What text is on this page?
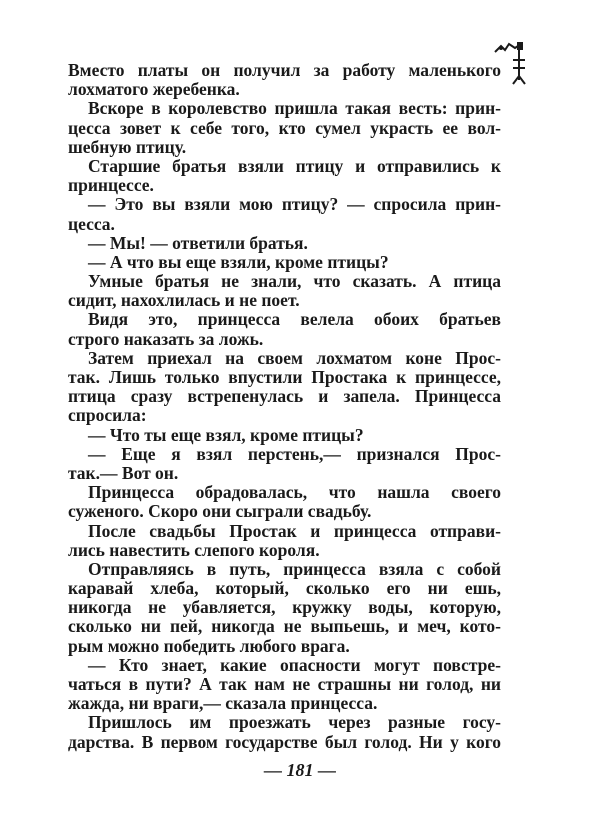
Вместо платы он получил за работу маленького
лохматого жеребенка.
Вскоре в королевство пришла такая весть: прин-
цесса зовет к себе того, кто сумел украсть ее вол-
шебную птицу.
Старшие братья взяли птицу и отправились к
принцессе.
— Это вы взяли мою птицу? — спросила прин-
цесса.
— Мы! — ответили братья.
— А что вы еще взяли, кроме птицы?
Умные братья не знали, что сказать. А птица
сидит, нахохлилась и не поет.
Видя это, принцесса велела обоих братьев
строго наказать за ложь.
Затем приехал на своем лохматом коне Прос-
так. Лишь только впустили Простака к принцессе,
птица сразу встрепенулась и запела. Принцесса
спросила:
— Что ты еще взял, кроме птицы?
— Еще я взял перстень,— признался Прос-
так.— Вот он.
Принцесса обрадовалась, что нашла своего
суженого. Скоро они сыграли свадьбу.
После свадьбы Простак и принцесса отправи-
лись навестить слепого короля.
Отправляясь в путь, принцесса взяла с собой
каравай хлеба, который, сколько его ни ешь,
никогда не убавляется, кружку воды, которую,
сколько ни пей, никогда не выпьешь, и меч, кото-
рым можно победить любого врага.
— Кто знает, какие опасности могут повстре-
чаться в пути? А так нам не страшны ни голод, ни
жажда, ни враги,— сказала принцесса.
Пришлось им проезжать через разные госу-
дарства. В первом государстве был голод. Ни у кого
— 181 —
